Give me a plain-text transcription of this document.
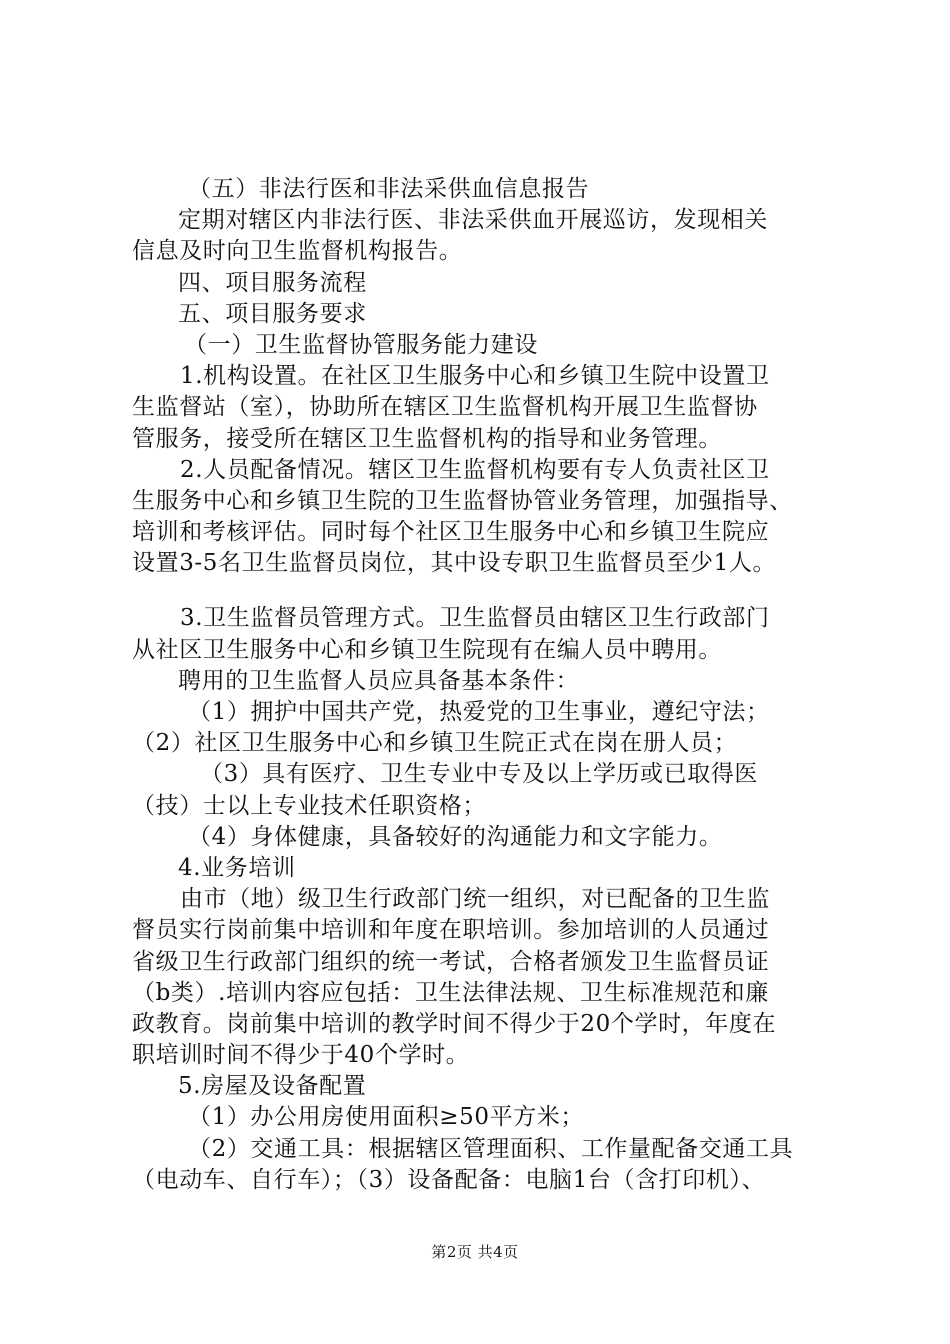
（五）非法行医和非法采供血信息报告
定期对辖区内非法行医、非法采供血开展巡访，发现相关
信息及时向卫生监督机构报告。
四、项目服务流程
五、项目服务要求
（一）卫生监督协管服务能力建设
1.机构设置。在社区卫生服务中心和乡镇卫生院中设置卫
生监督站（室），协助所在辖区卫生监督机构开展卫生监督协
管服务，接受所在辖区卫生监督机构的指导和业务管理。
2.人员配备情况。辖区卫生监督机构要有专人负责社区卫
生服务中心和乡镇卫生院的卫生监督协管业务管理，加强指导、
培训和考核评估。同时每个社区卫生服务中心和乡镇卫生院应
设置3-5名卫生监督员岗位，其中设专职卫生监督员至少1人。
3.卫生监督员管理方式。卫生监督员由辖区卫生行政部门
从社区卫生服务中心和乡镇卫生院现有在编人员中聘用。
聘用的卫生监督人员应具备基本条件：
（1）拥护中国共产党，热爱党的卫生事业，遵纪守法；
（2）社区卫生服务中心和乡镇卫生院正式在岗在册人员；
（3）具有医疗、卫生专业中专及以上学历或已取得医
（技）士以上专业技术任职资格；
（4）身体健康，具备较好的沟通能力和文字能力。
4.业务培训
由市（地）级卫生行政部门统一组织，对已配备的卫生监
督员实行岗前集中培训和年度在职培训。参加培训的人员通过
省级卫生行政部门组织的统一考试，合格者颁发卫生监督员证
（b类）.培训内容应包括：卫生法律法规、卫生标准规范和廉
政教育。岗前集中培训的教学时间不得少于20个学时，年度在
职培训时间不得少于40个学时。
5.房屋及设备配置
（1）办公用房使用面积≥50平方米；
（2）交通工具：根据辖区管理面积、工作量配备交通工具
（电动车、自行车）；（3）设备配备：电脑1台（含打印机）、
第2页 共4页
